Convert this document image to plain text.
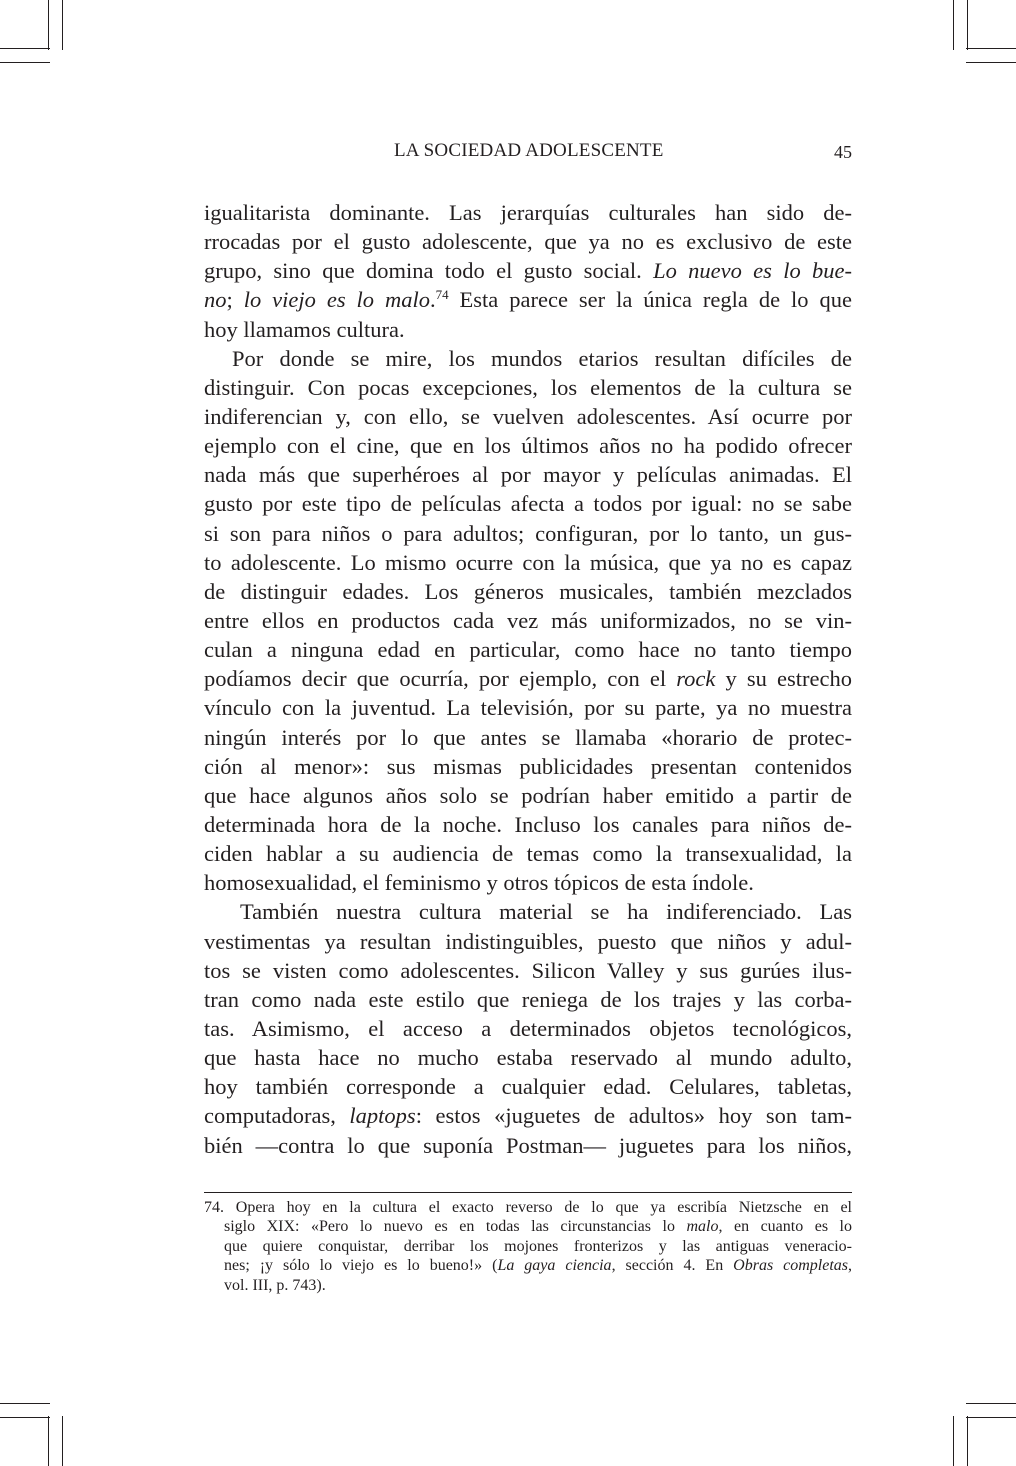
LA SOCIEDAD ADOLESCENTE	45
igualitarista dominante. Las jerarquías culturales han sido de-
rrocadas por el gusto adolescente, que ya no es exclusivo de este
grupo, sino que domina todo el gusto social. Lo nuevo es lo bue-
no; lo viejo es lo malo.$^{74}$ Esta parece ser la única regla de lo que
hoy llamamos cultura.
Por donde se mire, los mundos etarios resultan difíciles de
distinguir. Con pocas excepciones, los elementos de la cultura se
indiferencian y, con ello, se vuelven adolescentes. Así ocurre por
ejemplo con el cine, que en los últimos años no ha podido ofrecer
nada más que superhéroes al por mayor y películas animadas. El
gusto por este tipo de películas afecta a todos por igual: no se sabe
si son para niños o para adultos; configuran, por lo tanto, un gus-
to adolescente. Lo mismo ocurre con la música, que ya no es capaz
de distinguir edades. Los géneros musicales, también mezclados
entre ellos en productos cada vez más uniformizados, no se vin-
culan a ninguna edad en particular, como hace no tanto tiempo
podíamos decir que ocurría, por ejemplo, con el rock y su estrecho
vínculo con la juventud. La televisión, por su parte, ya no muestra
ningún interés por lo que antes se llamaba «horario de protec-
ción al menor»: sus mismas publicidades presentan contenidos
que hace algunos años solo se podrían haber emitido a partir de
determinada hora de la noche. Incluso los canales para niños de-
ciden hablar a su audiencia de temas como la transexualidad, la
homosexualidad, el feminismo y otros tópicos de esta índole.
También nuestra cultura material se ha indiferenciado. Las
vestimentas ya resultan indistinguibles, puesto que niños y adul-
tos se visten como adolescentes. Silicon Valley y sus gurúes ilus-
tran como nada este estilo que reniega de los trajes y las corba-
tas. Asimismo, el acceso a determinados objetos tecnológicos,
que hasta hace no mucho estaba reservado al mundo adulto,
hoy también corresponde a cualquier edad. Celulares, tabletas,
computadoras, laptops: estos «juguetes de adultos» hoy son tam-
bién —contra lo que suponía Postman— juguetes para los niños,
74. Opera hoy en la cultura el exacto reverso de lo que ya escribía Nietzsche en el
siglo XIX: «Pero lo nuevo es en todas las circunstancias lo malo, en cuanto es lo
que quiere conquistar, derribar los mojones fronterizos y las antiguas veneracio-
nes; ¡y sólo lo viejo es lo bueno!» (La gaya ciencia, sección 4. En Obras completas,
vol. III, p. 743).
